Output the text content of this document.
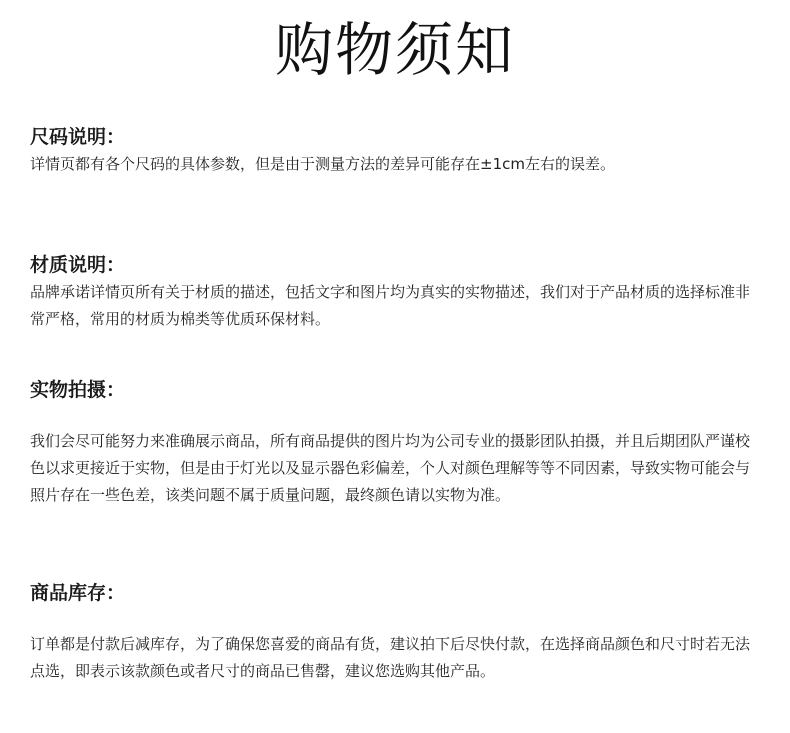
购物须知
尺码说明：

详情页都有各个尺码的具体参数，但是由于测量方法的差异可能存在±1cm左右的误差。

材质说明：

品牌承诺详情页所有关于材质的描述，包括文字和图片均为真实的实物描述，我们对于产品材质的选择标准非常严格，常用的材质为棉类等优质环保材料。

实物拍摄：

我们会尽可能努力来准确展示商品，所有商品提供的图片均为公司专业的摄影团队拍摄，并且后期团队严谨校色以求更接近于实物，但是由于灯光以及显示器色彩偏差，个人对颜色理解等等不同因素，导致实物可能会与照片存在一些色差，该类问题不属于质量问题，最终颜色请以实物为准。

商品库存：

订单都是付款后减库存，为了确保您喜爱的商品有货，建议拍下后尽快付款，在选择商品颜色和尺寸时若无法点选，即表示该款颜色或者尺寸的商品已售罄，建议您选购其他产品。
